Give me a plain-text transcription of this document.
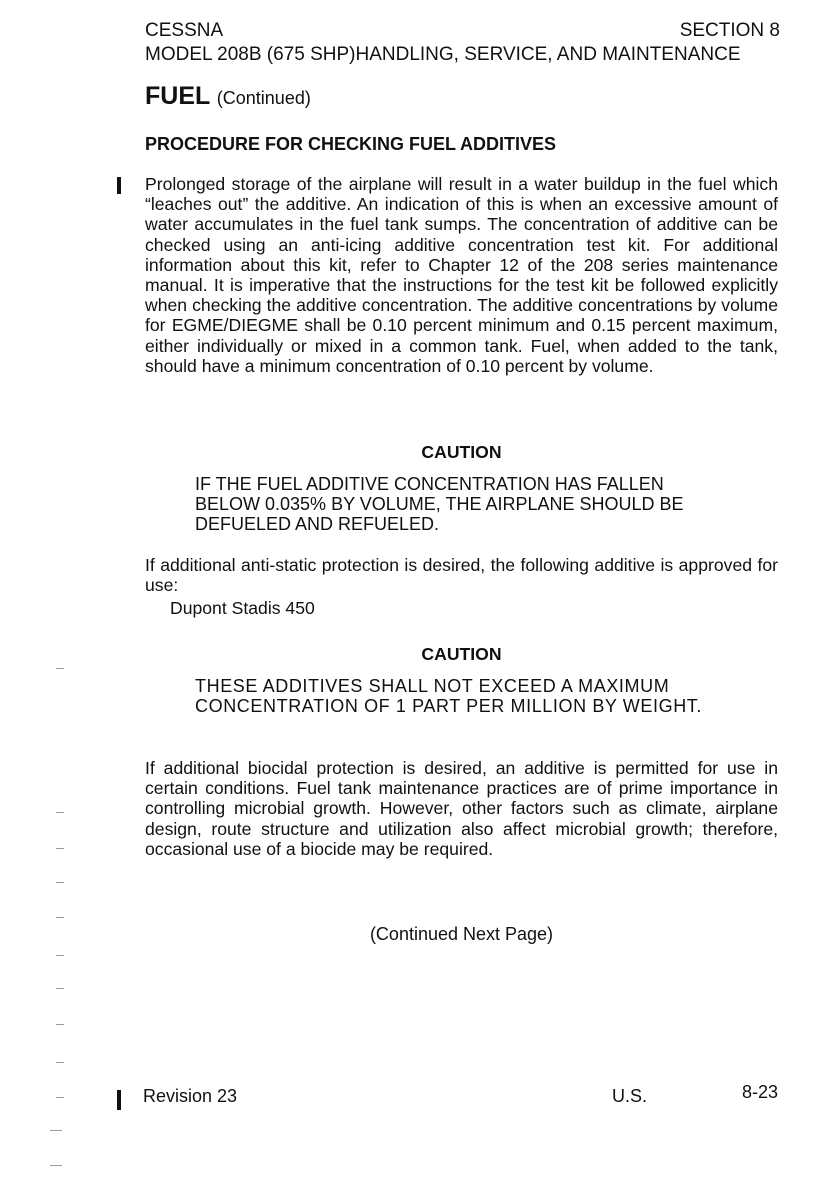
CESSNA	SECTION 8
MODEL 208B (675 SHP)HANDLING, SERVICE, AND MAINTENANCE
FUEL (Continued)
PROCEDURE FOR CHECKING FUEL ADDITIVES

Prolonged storage of the airplane will result in a water buildup in the fuel which “leaches out” the additive. An indication of this is when an excessive amount of water accumulates in the fuel tank sumps. The concentration of additive can be checked using an anti-icing additive concentration test kit. For additional information about this kit, refer to Chapter 12 of the 208 series maintenance manual. It is imperative that the instructions for the test kit be followed explicitly when checking the additive concentration. The additive concentrations by volume for EGME/DIEGME shall be 0.10 percent minimum and 0.15 percent maximum, either individually or mixed in a common tank. Fuel, when added to the tank, should have a minimum concentration of 0.10 percent by volume.

CAUTION

IF THE FUEL ADDITIVE CONCENTRATION HAS FALLEN BELOW 0.035% BY VOLUME, THE AIRPLANE SHOULD BE DEFUELED AND REFUELED.

If additional anti-static protection is desired, the following additive is approved for use:

Dupont Stadis 450
CAUTION

THESE ADDITIVES SHALL NOT EXCEED A MAXIMUM CONCENTRATION OF 1 PART PER MILLION BY WEIGHT.

If additional biocidal protection is desired, an additive is permitted for use in certain conditions. Fuel tank maintenance practices are of prime importance in controlling microbial growth. However, other factors such as climate, airplane design, route structure and utilization also affect microbial growth; therefore, occasional use of a biocide may be required.

(Continued Next Page)
Revision 23	U.S.	8-23
